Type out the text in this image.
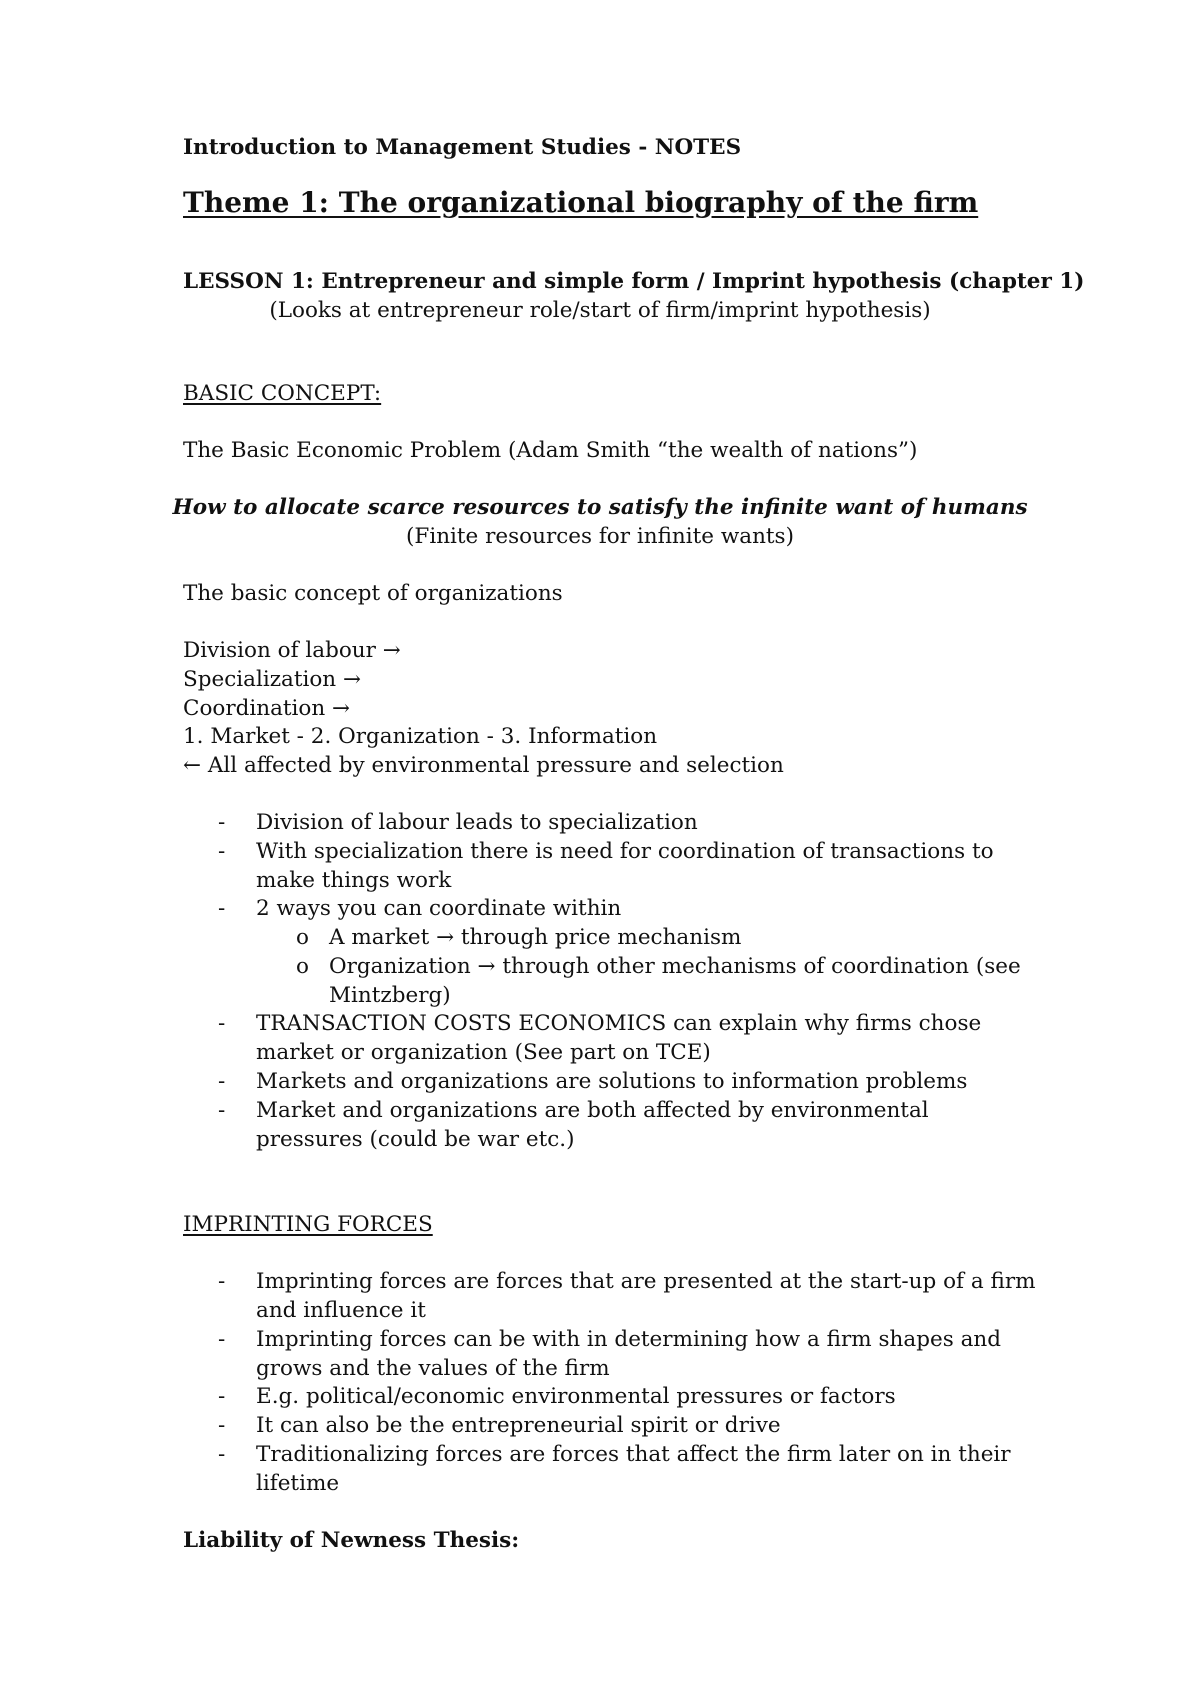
Introduction to Management Studies - NOTES
Theme 1: The organizational biography of the firm
LESSON 1: Entrepreneur and simple form / Imprint hypothesis (chapter 1)
(Looks at entrepreneur role/start of firm/imprint hypothesis)
BASIC CONCEPT:
The Basic Economic Problem (Adam Smith “the wealth of nations”)
How to allocate scarce resources to satisfy the infinite want of humans
(Finite resources for infinite wants)
The basic concept of organizations
Division of labour →
Specialization →
Coordination →
1. Market - 2. Organization - 3. Information
← All affected by environmental pressure and selection
- Division of labour leads to specialization
- With specialization there is need for coordination of transactions to make things work
- 2 ways you can coordinate within
o A market → through price mechanism
o Organization → through other mechanisms of coordination (see Mintzberg)
- TRANSACTION COSTS ECONOMICS can explain why firms chose market or organization (See part on TCE)
- Markets and organizations are solutions to information problems
- Market and organizations are both affected by environmental pressures (could be war etc.)
IMPRINTING FORCES
- Imprinting forces are forces that are presented at the start-up of a firm and influence it
- Imprinting forces can be with in determining how a firm shapes and grows and the values of the firm
- E.g. political/economic environmental pressures or factors
- It can also be the entrepreneurial spirit or drive
- Traditionalizing forces are forces that affect the firm later on in their lifetime
Liability of Newness Thesis:
